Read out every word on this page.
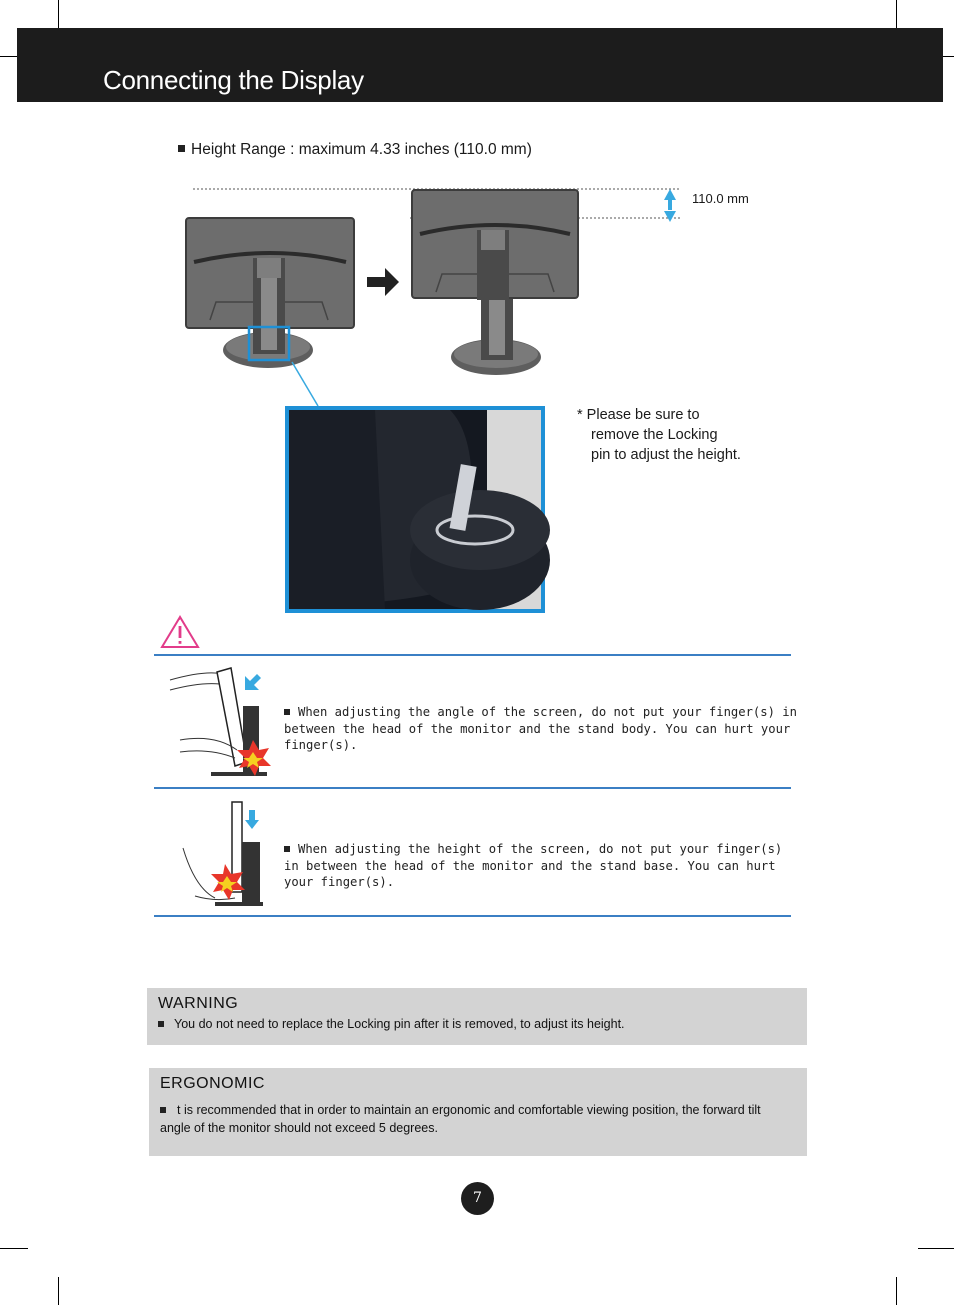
Connecting the Display
Height Range : maximum 4.33 inches (110.0 mm)
110.0 mm
* Please be sure to
remove the Locking
pin to adjust the height.
When adjusting the angle of the screen, do not put your finger(s) in between the head of the monitor and the stand body. You can hurt your finger(s).
When adjusting the height of the screen, do not put your finger(s) in between the head of the monitor and the stand base. You can hurt your finger(s).
WARNING
You do not need to replace the Locking pin after it is removed, to adjust its height.
ERGONOMIC
t is recommended that in order to maintain an ergonomic and comfortable viewing position, the forward tilt angle of the monitor should not exceed 5 degrees.
7
